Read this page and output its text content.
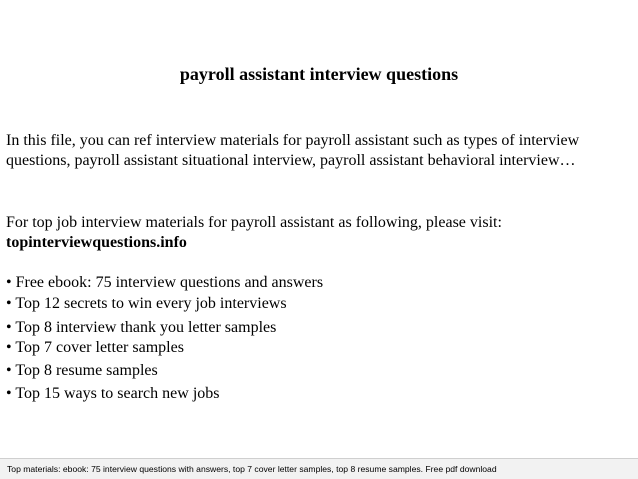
payroll assistant interview questions
In this file, you can ref interview materials for payroll assistant such as types of interview questions, payroll assistant situational interview, payroll assistant behavioral interview…
For top job interview materials for payroll assistant as following, please visit:
topinterviewquestions.info
• Free ebook: 75 interview questions and answers
• Top 12 secrets to win every job interviews
• Top 8 interview thank you letter samples
• Top 7 cover letter samples
• Top 8 resume samples
• Top 15 ways to search new jobs
Top materials: ebook: 75 interview questions with answers, top 7 cover letter samples, top 8 resume samples. Free pdf download
